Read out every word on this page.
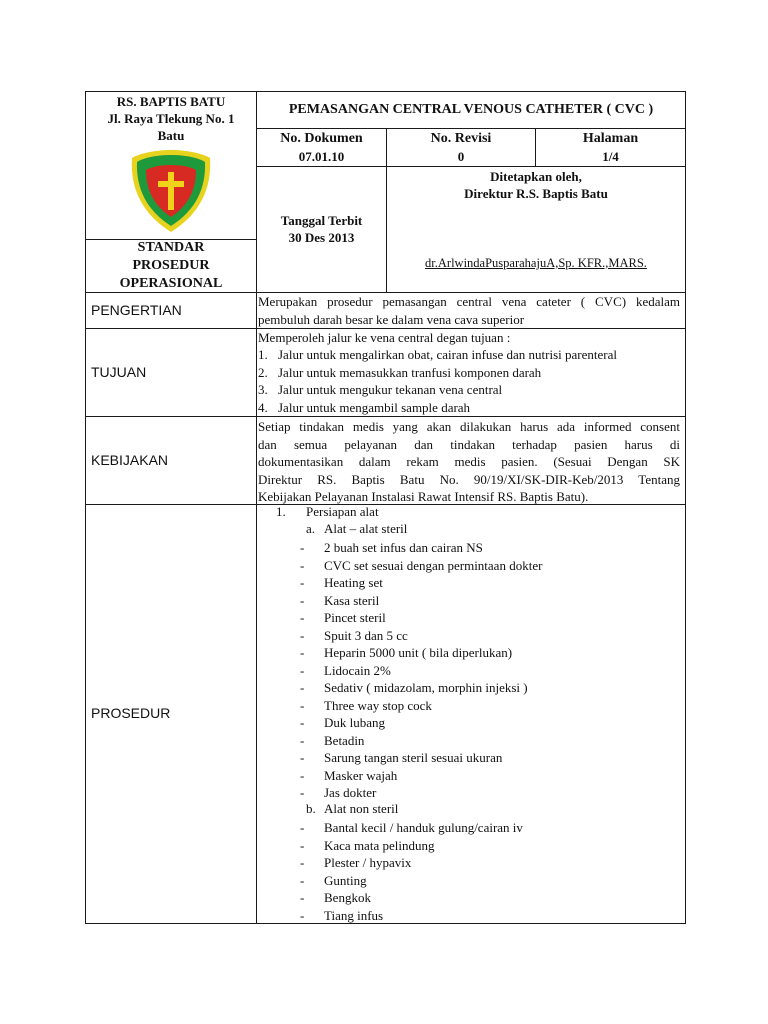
RS. BAPTIS BATU
Jl. Raya Tlekung No. 1
Batu
STANDAR
PROSEDUR
OPERASIONAL
PEMASANGAN CENTRAL VENOUS CATHETER ( CVC )
No. Dokumen
07.01.10
No. Revisi
0
Halaman
1/4
Tanggal Terbit
30 Des 2013
Ditetapkan oleh,
Direktur R.S. Baptis Batu
dr.ArlwindaPusparahajuA,Sp. KFR.,MARS.
PENGERTIAN
Merupakan prosedur pemasangan central vena cateter ( CVC) kedalam
pembuluh darah besar ke dalam vena cava superior
TUJUAN
Memperoleh jalur ke vena central degan tujuan :
1. Jalur untuk mengalirkan obat, cairan infuse dan nutrisi parenteral
2. Jalur untuk memasukkan tranfusi komponen darah
3. Jalur untuk mengukur tekanan vena central
4. Jalur untuk mengambil sample darah
KEBIJAKAN
Setiap tindakan medis yang akan dilakukan harus ada informed consent
dan semua pelayanan dan tindakan terhadap pasien harus di
dokumentasikan dalam rekam medis pasien. (Sesuai Dengan SK
Direktur RS. Baptis Batu No. 90/19/XI/SK-DIR-Keb/2013 Tentang
Kebijakan Pelayanan Instalasi Rawat Intensif RS. Baptis Batu).
PROSEDUR
1. Persiapan alat
a. Alat – alat steril
- 2 buah set infus dan cairan NS
- CVC set sesuai dengan permintaan dokter
- Heating set
- Kasa steril
- Pincet steril
- Spuit 3 dan 5 cc
- Heparin 5000 unit ( bila diperlukan)
- Lidocain 2%
- Sedativ ( midazolam, morphin injeksi )
- Three way stop cock
- Duk lubang
- Betadin
- Sarung tangan steril sesuai ukuran
- Masker wajah
- Jas dokter
b. Alat non steril
- Bantal kecil / handuk gulung/cairan iv
- Kaca mata pelindung
- Plester / hypavix
- Gunting
- Bengkok
- Tiang infus
